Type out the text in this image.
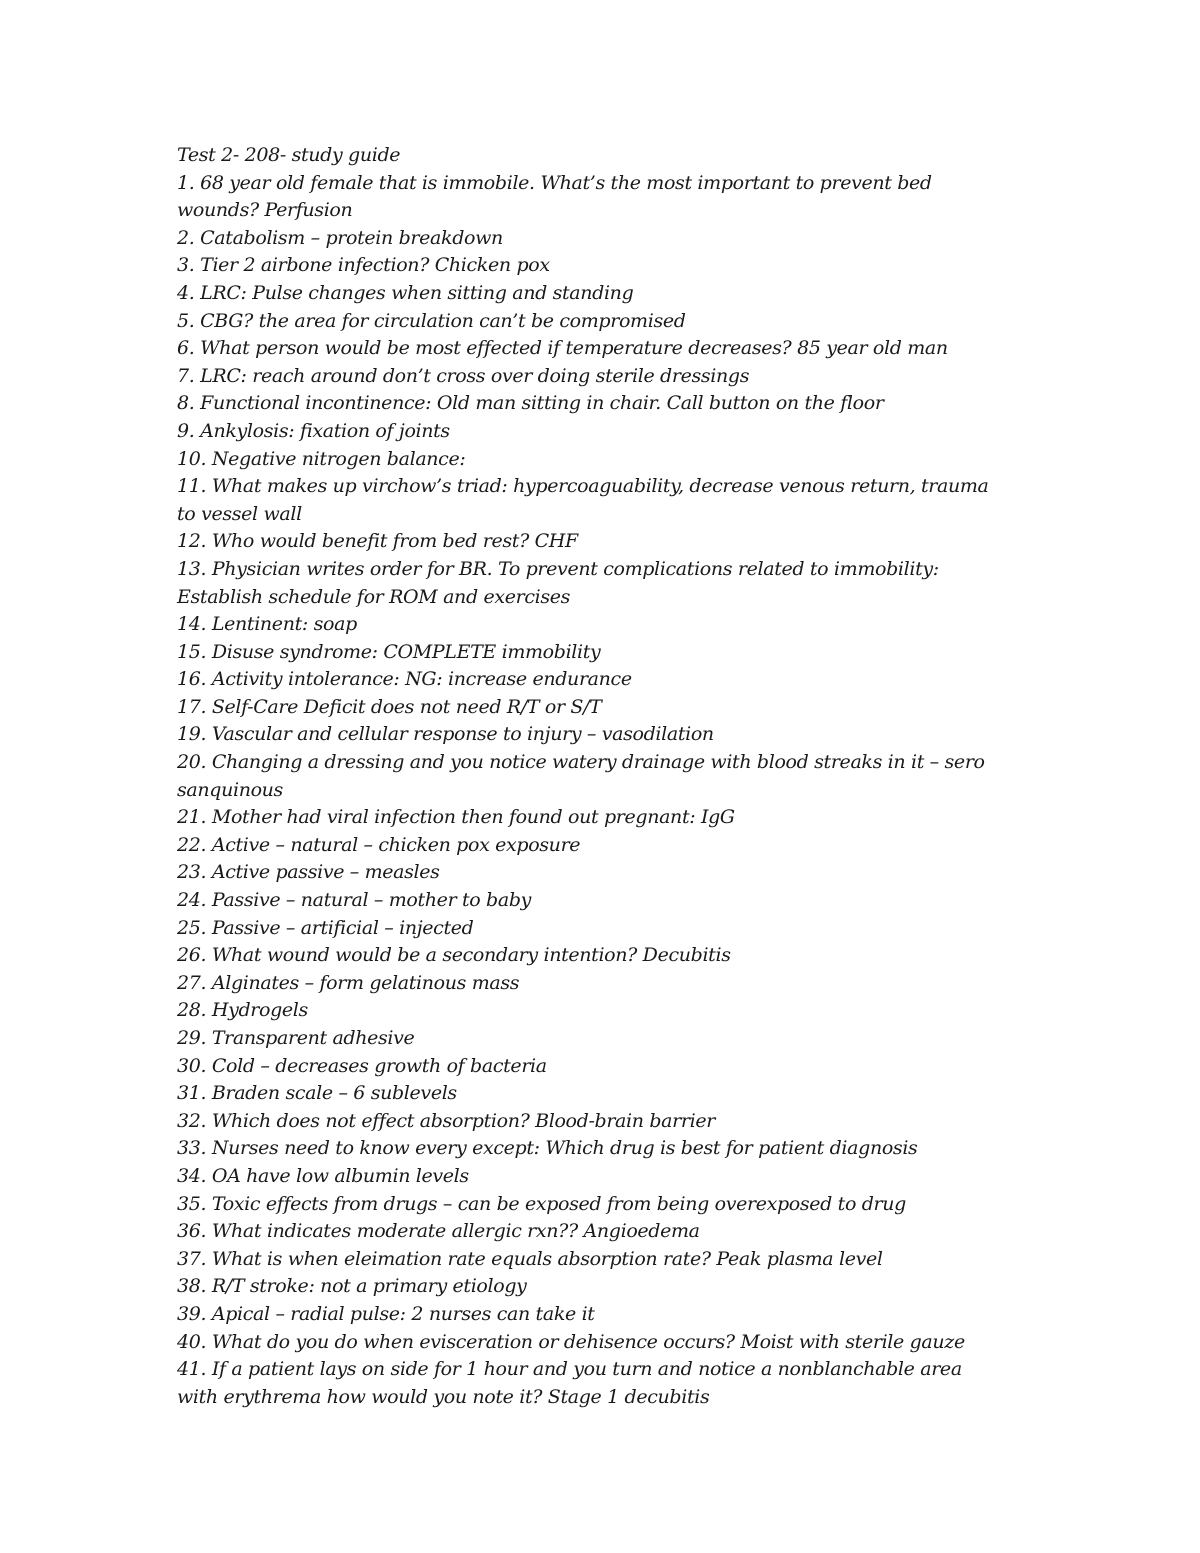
Test 2- 208- study guide
1. 68 year old female that is immobile. What’s the most important to prevent bed
wounds? Perfusion
2. Catabolism – protein breakdown
3. Tier 2 airbone infection? Chicken pox
4. LRC: Pulse changes when sitting and standing
5. CBG? the area for circulation can’t be compromised
6. What person would be most effected if temperature decreases? 85 year old man
7. LRC: reach around don’t cross over doing sterile dressings
8. Functional incontinence: Old man sitting in chair. Call button on the floor
9. Ankylosis: fixation of joints
10. Negative nitrogen balance:
11. What makes up virchow’s triad: hypercoaguability, decrease venous return, trauma
to vessel wall
12. Who would benefit from bed rest? CHF
13. Physician writes order for BR. To prevent complications related to immobility:
Establish schedule for ROM and exercises
14. Lentinent: soap
15. Disuse syndrome: COMPLETE immobility
16. Activity intolerance: NG: increase endurance
17. Self-Care Deficit does not need R/T or S/T
19. Vascular and cellular response to injury – vasodilation
20. Changing a dressing and you notice watery drainage with blood streaks in it – sero
sanquinous
21. Mother had viral infection then found out pregnant: IgG
22. Active – natural – chicken pox exposure
23. Active passive – measles
24. Passive – natural – mother to baby
25. Passive – artificial – injected
26. What wound would be a secondary intention? Decubitis
27. Alginates – form gelatinous mass
28. Hydrogels
29. Transparent adhesive
30. Cold – decreases growth of bacteria
31. Braden scale – 6 sublevels
32. Which does not effect absorption? Blood-brain barrier
33. Nurses need to know every except: Which drug is best for patient diagnosis
34. OA have low albumin levels
35. Toxic effects from drugs – can be exposed from being overexposed to drug
36. What indicates moderate allergic rxn?? Angioedema
37. What is when eleimation rate equals absorption rate? Peak plasma level
38. R/T stroke: not a primary etiology
39. Apical – radial pulse: 2 nurses can take it
40. What do you do when evisceration or dehisence occurs? Moist with sterile gauze
41. If a patient lays on side for 1 hour and you turn and notice a nonblanchable area
with erythrema how would you note it? Stage 1 decubitis
